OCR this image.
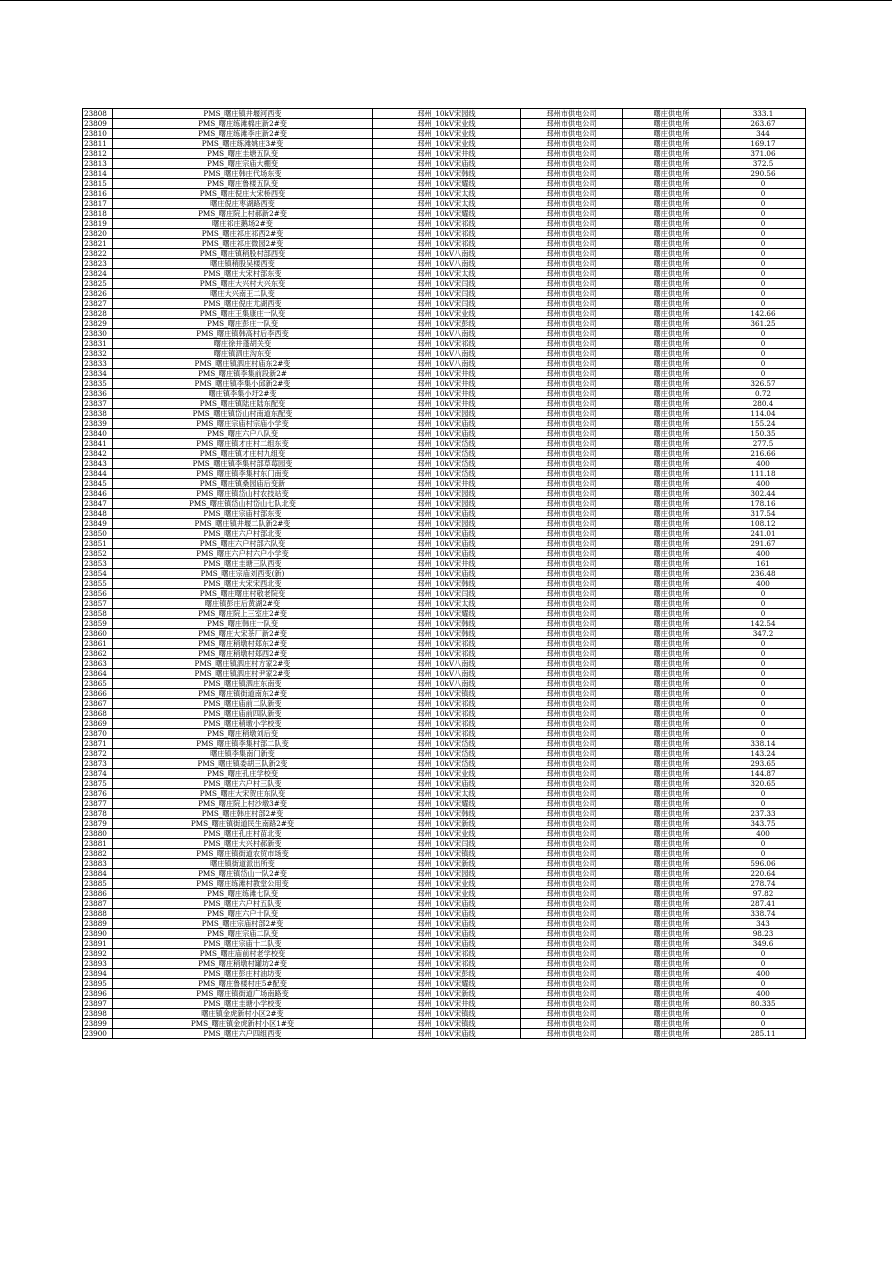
23808	PMS_曙庄镇井堰河西变	邳州_10kV宋园线	邳州市供电公司	曙庄供电所	333.1
23809	PMS_曙庄练滩棉庄新2#变	邳州_10kV宋业线	邳州市供电公司	曙庄供电所	263.67
23810	PMS_曙庄练滩李庄新2#变	邳州_10kV宋业线	邳州市供电公司	曙庄供电所	344
23811	PMS_曙庄练滩姚庄3#变	邳州_10kV宋业线	邳州市供电公司	曙庄供电所	169.17
23812	PMS_曙庄圭塘五队变	邳州_10kV宋井线	邳州市供电公司	曙庄供电所	371.06
23813	PMS_曙庄宗庙大棚变	邳州_10kV宋庙线	邳州市供电公司	曙庄供电所	372.5
23814	PMS_曙庄韩庄代场东变	邳州_10kV宋韩线	邳州市供电公司	曙庄供电所	290.56
23815	PMS_曙庄鲁楼五队变	邳州_10kV宋耀线	邳州市供电公司	曙庄供电所	0
23816	PMS_曙庄倪庄大宋桥西变	邳州_10kV宋太线	邳州市供电公司	曙庄供电所	0
23817	曙庄倪庄枣湖路西变	邳州_10kV宋太线	邳州市供电公司	曙庄供电所	0
23818	PMS_曙庄院上村郝新2#变	邳州_10kV宋耀线	邳州市供电公司	曙庄供电所	0
23819	曙庄祁庄鹅场2#变	邳州_10kV宋祁线	邳州市供电公司	曙庄供电所	0
23820	PMS_曙庄祁庄祁西2#变	邳州_10kV宋祁线	邳州市供电公司	曙庄供电所	0
23821	PMS_曙庄祁庄微园2#变	邳州_10kV宋祁线	邳州市供电公司	曙庄供电所	0
23822	PMS_曙庄镇稍股村部西变	邳州_10kV八南线	邳州市供电公司	曙庄供电所	0
23823	曙庄镇稍股吴楼西变	邳州_10kV八南线	邳州市供电公司	曙庄供电所	0
23824	PMS_曙庄大宋村部东变	邳州_10kV宋太线	邳州市供电公司	曙庄供电所	0
23825	PMS_曙庄大兴村大兴东变	邳州_10kV宋闫线	邳州市供电公司	曙庄供电所	0
23826	曙庄大兴南王二队变	邳州_10kV宋闫线	邳州市供电公司	曙庄供电所	0
23827	PMS_曙庄倪庄尤湖西变	邳州_10kV宋闫线	邳州市供电公司	曙庄供电所	0
23828	PMS_曙庄王集康庄一队变	邳州_10kV宋业线	邳州市供电公司	曙庄供电所	142.66
23829	PMS_曙庄彭庄一队变	邳州_10kV宋彭线	邳州市供电公司	曙庄供电所	361.25
23830	PMS_曙庄镇韩高村后李西变	邳州_10kV八南线	邳州市供电公司	曙庄供电所	0
23831	曙庄徐井蓬胡关变	邳州_10kV宋祁线	邳州市供电公司	曙庄供电所	0
23832	曙庄镇泗庄沟东变	邳州_10kV八南线	邳州市供电公司	曙庄供电所	0
23833	PMS_曙庄镇泗庄村庙东2#变	邳州_10kV八南线	邳州市供电公司	曙庄供电所	0
23834	PMS_曙庄镇李集前段新2#	邳州_10kV宋井线	邳州市供电公司	曙庄供电所	0
23835	PMS_曙庄镇李集小邱新2#变	邳州_10kV宋井线	邳州市供电公司	曙庄供电所	326.57
23836	曙庄镇李集小圩2#变	邳州_10kV宋井线	邳州市供电公司	曙庄供电所	0.72
23837	PMS_曙庄镇陆庄陆东配变	邳州_10kV宋井线	邳州市供电公司	曙庄供电所	280.4
23838	PMS_曙庄镇岱山村南道东配变	邳州_10kV宋园线	邳州市供电公司	曙庄供电所	114.04
23839	PMS_曙庄宗庙村宗庙小学变	邳州_10kV宋庙线	邳州市供电公司	曙庄供电所	155.24
23840	PMS_曙庄六户八队变	邳州_10kV宋庙线	邳州市供电公司	曙庄供电所	150.35
23841	PMS_曙庄镇才庄村二组东变	邳州_10kV宋岱线	邳州市供电公司	曙庄供电所	277.5
23842	PMS_曙庄镇才庄村九组变	邳州_10kV宋岱线	邳州市供电公司	曙庄供电所	216.66
23843	PMS_曙庄镇李集村部草莓园变	邳州_10kV宋岱线	邳州市供电公司	曙庄供电所	400
23844	PMS_曙庄镇李集村东门南变	邳州_10kV宋岱线	邳州市供电公司	曙庄供电所	111.18
23845	PMS_曙庄镇桑园庙后变新	邳州_10kV宋井线	邳州市供电公司	曙庄供电所	400
23846	PMS_曙庄镇岱山村农技站变	邳州_10kV宋园线	邳州市供电公司	曙庄供电所	302.44
23847	PMS_曙庄镇岱山村岱山七队北变	邳州_10kV宋园线	邳州市供电公司	曙庄供电所	178.16
23848	PMS_曙庄宗庙村部东变	邳州_10kV宋庙线	邳州市供电公司	曙庄供电所	317.54
23849	PMS_曙庄镇井堰二队新2#变	邳州_10kV宋园线	邳州市供电公司	曙庄供电所	108.12
23850	PMS_曙庄六户村部北变	邳州_10kV宋庙线	邳州市供电公司	曙庄供电所	241.01
23851	PMS_曙庄六户村部六队变	邳州_10kV宋庙线	邳州市供电公司	曙庄供电所	291.67
23852	PMS_曙庄六户村六户小学变	邳州_10kV宋庙线	邳州市供电公司	曙庄供电所	400
23853	PMS_曙庄圭塘三队西变	邳州_10kV宋井线	邳州市供电公司	曙庄供电所	161
23854	PMS_曙庄宗庙刘西变(新)	邳州_10kV宋庙线	邳州市供电公司	曙庄供电所	236.48
23855	PMS_曙庄大宋宋西北变	邳州_10kV宋韩线	邳州市供电公司	曙庄供电所	400
23856	PMS_曙庄曙庄村敬老院变	邳州_10kV宋闫线	邳州市供电公司	曙庄供电所	0
23857	曙庄镇彭庄后黄湖2#变	邳州_10kV宋太线	邳州市供电公司	曙庄供电所	0
23858	PMS_曙庄院上三室庄2#变	邳州_10kV宋耀线	邳州市供电公司	曙庄供电所	0
23859	PMS_曙庄韩庄一队变	邳州_10kV宋韩线	邳州市供电公司	曙庄供电所	142.54
23860	PMS_曙庄大宋茶厂新2#变	邳州_10kV宋韩线	邳州市供电公司	曙庄供电所	347.2
23861	PMS_曙庄稍墩村郑东2#变	邳州_10kV宋祁线	邳州市供电公司	曙庄供电所	0
23862	PMS_曙庄稍墩村郑西2#变	邳州_10kV宋祁线	邳州市供电公司	曙庄供电所	0
23863	PMS_曙庄镇泗庄村方家2#变	邳州_10kV八南线	邳州市供电公司	曙庄供电所	0
23864	PMS_曙庄镇泗庄村尹家2#变	邳州_10kV八南线	邳州市供电公司	曙庄供电所	0
23865	PMS_曙庄镇泗庄东南变	邳州_10kV八南线	邳州市供电公司	曙庄供电所	0
23866	PMS_曙庄镇街道南东2#变	邳州_10kV宋镇线	邳州市供电公司	曙庄供电所	0
23867	PMS_曙庄庙前二队新变	邳州_10kV宋祁线	邳州市供电公司	曙庄供电所	0
23868	PMS_曙庄庙前四队新变	邳州_10kV宋祁线	邳州市供电公司	曙庄供电所	0
23869	PMS_曙庄稍墩小学校变	邳州_10kV宋祁线	邳州市供电公司	曙庄供电所	0
23870	PMS_曙庄稍墩刘后变	邳州_10kV宋祁线	邳州市供电公司	曙庄供电所	0
23871	PMS_曙庄镇李集村部二队变	邳州_10kV宋岱线	邳州市供电公司	曙庄供电所	338.14
23872	曙庄镇李集南门新变	邳州_10kV宋岱线	邳州市供电公司	曙庄供电所	143.24
23873	PMS_曙庄镇委胡三队新2变	邳州_10kV宋岱线	邳州市供电公司	曙庄供电所	293.65
23874	PMS_曙庄孔庄学校变	邳州_10kV宋业线	邳州市供电公司	曙庄供电所	144.87
23875	PMS_曙庄六户村三队变	邳州_10kV宋庙线	邳州市供电公司	曙庄供电所	320.65
23876	PMS_曙庄大宋贺庄东队变	邳州_10kV宋太线	邳州市供电公司	曙庄供电所	0
23877	PMS_曙庄院上村沙墩3#变	邳州_10kV宋耀线	邳州市供电公司	曙庄供电所	0
23878	PMS_曙庄韩庄村部2#变	邳州_10kV宋韩线	邳州市供电公司	曙庄供电所	237.33
23879	PMS_曙庄镇街道民生南路2#变	邳州_10kV宋新线	邳州市供电公司	曙庄供电所	343.75
23880	PMS_曙庄孔庄村苗北变	邳州_10kV宋业线	邳州市供电公司	曙庄供电所	400
23881	PMS_曙庄大兴村郝新变	邳州_10kV宋闫线	邳州市供电公司	曙庄供电所	0
23882	PMS_曙庄镇街道农贸市场变	邳州_10kV宋镇线	邳州市供电公司	曙庄供电所	0
23883	曙庄镇街道派出所变	邳州_10kV宋新线	邳州市供电公司	曙庄供电所	596.06
23884	PMS_曙庄镇岱山一队2#变	邳州_10kV宋园线	邳州市供电公司	曙庄供电所	220.64
23885	PMS_曙庄练滩村教堂公用变	邳州_10kV宋业线	邳州市供电公司	曙庄供电所	278.74
23886	PMS_曙庄练滩七队变	邳州_10kV宋业线	邳州市供电公司	曙庄供电所	97.82
23887	PMS_曙庄六户村五队变	邳州_10kV宋庙线	邳州市供电公司	曙庄供电所	287.41
23888	PMS_曙庄六户十队变	邳州_10kV宋庙线	邳州市供电公司	曙庄供电所	338.74
23889	PMS_曙庄宗庙村部2#变	邳州_10kV宋庙线	邳州市供电公司	曙庄供电所	343
23890	PMS_曙庄宗庙二队变	邳州_10kV宋庙线	邳州市供电公司	曙庄供电所	98.23
23891	PMS_曙庄宗庙十二队变	邳州_10kV宋庙线	邳州市供电公司	曙庄供电所	349.6
23892	PMS_曙庄庙前村老学校变	邳州_10kV宋祁线	邳州市供电公司	曙庄供电所	0
23893	PMS_曙庄稍墩村罐坊2#变	邳州_10kV宋祁线	邳州市供电公司	曙庄供电所	0
23894	PMS_曙庄彭庄村油坊变	邳州_10kV宋彭线	邳州市供电公司	曙庄供电所	400
23895	PMS_曙庄鲁楼村庄5#配变	邳州_10kV宋耀线	邳州市供电公司	曙庄供电所	0
23896	PMS_曙庄镇街道广场南路变	邳州_10kV宋新线	邳州市供电公司	曙庄供电所	400
23897	PMS_曙庄圭塘小学校变	邳州_10kV宋井线	邳州市供电公司	曙庄供电所	80.335
23898	曙庄镇金虎新村小区2#变	邳州_10kV宋镇线	邳州市供电公司	曙庄供电所	0
23899	PMS_曙庄镇金虎新村小区1#变	邳州_10kV宋镇线	邳州市供电公司	曙庄供电所	0
23900	PMS_曙庄六户四组西变	邳州_10kV宋庙线	邳州市供电公司	曙庄供电所	285.11
